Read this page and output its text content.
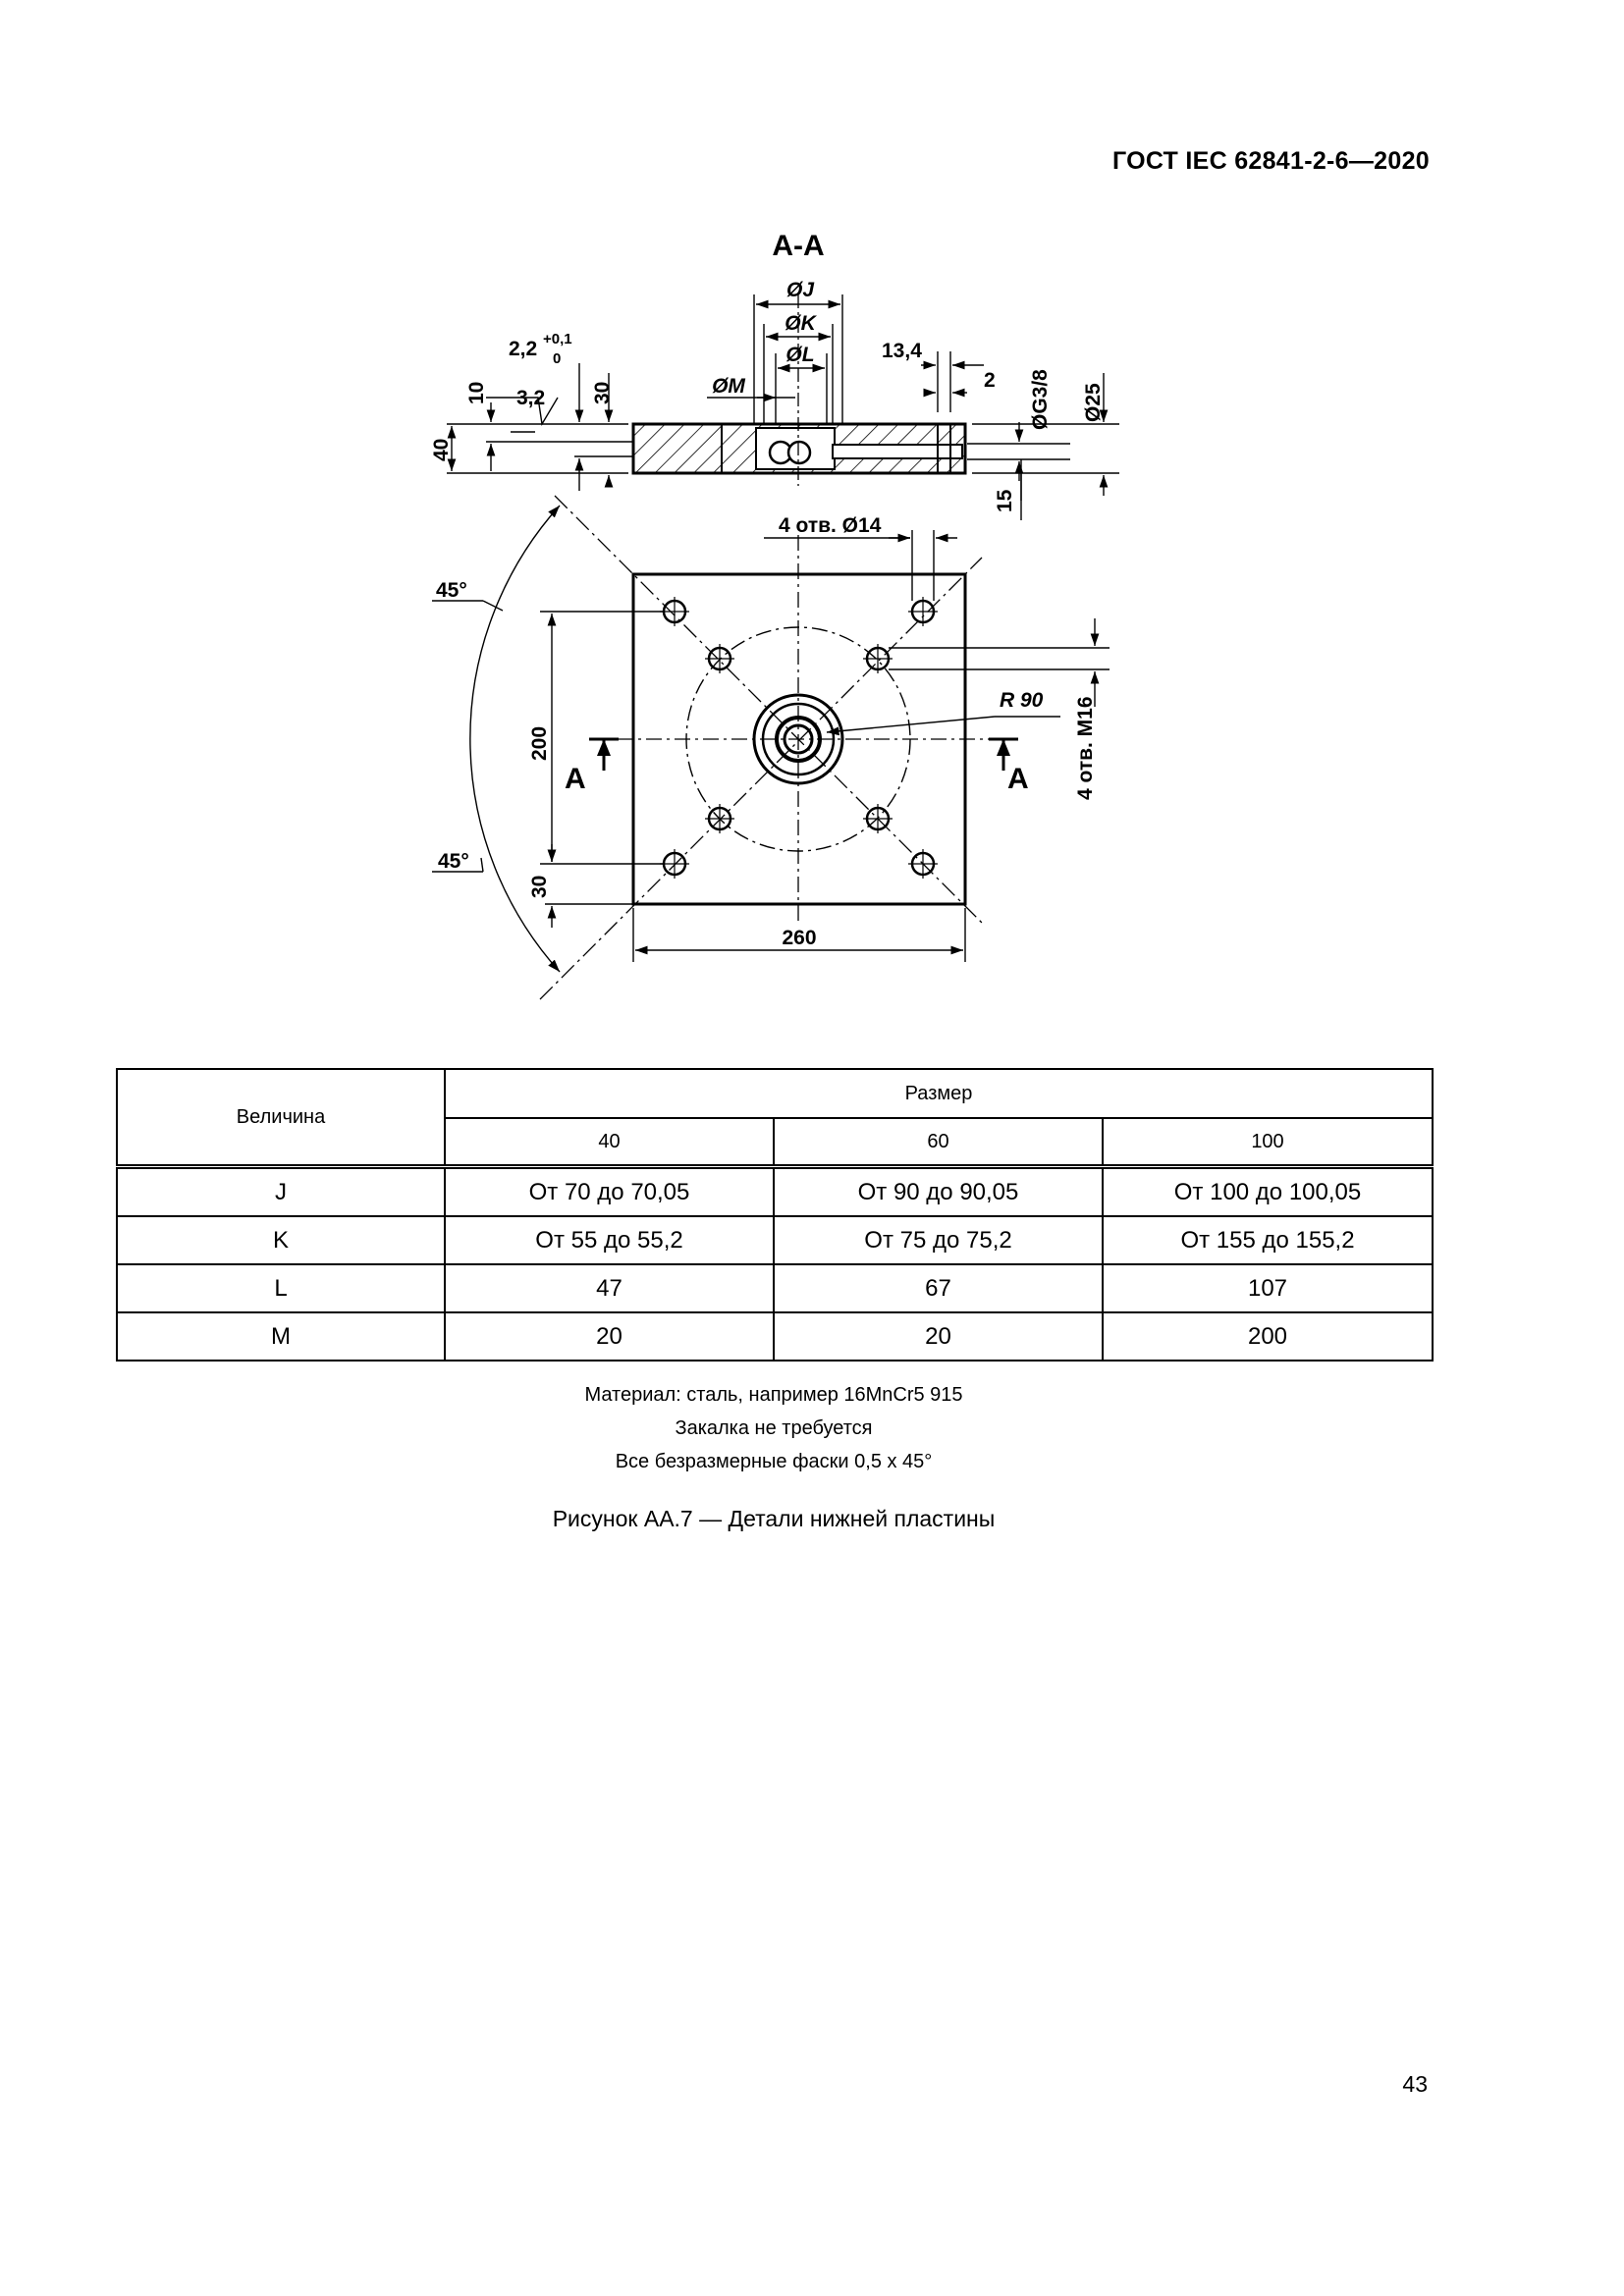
ГОСТ IEC 62841-2-6—2020
А-А
ØJ
ØK
ØL
ØM
2,2 +0,1
0
3,2
10	30
40
13,4
2 ØG3/8 Ø25
15
4 отв. Ø14
R 90 4 отв. M16
200
30
260
45°
45°
A	A
Величина	Размер		
	40	60	100
J	От 70 до 70,05	От 90 до 90,05	От 100 до 100,05
K	От 55 до 55,2	От 75 до 75,2	От 155 до 155,2
L	47	67	107
M	20	20	200
Материал: сталь, например 16MnCr5 915
Закалка не требуется
Все безразмерные фаски 0,5 х 45°
Рисунок АА.7 — Детали нижней пластины
43
